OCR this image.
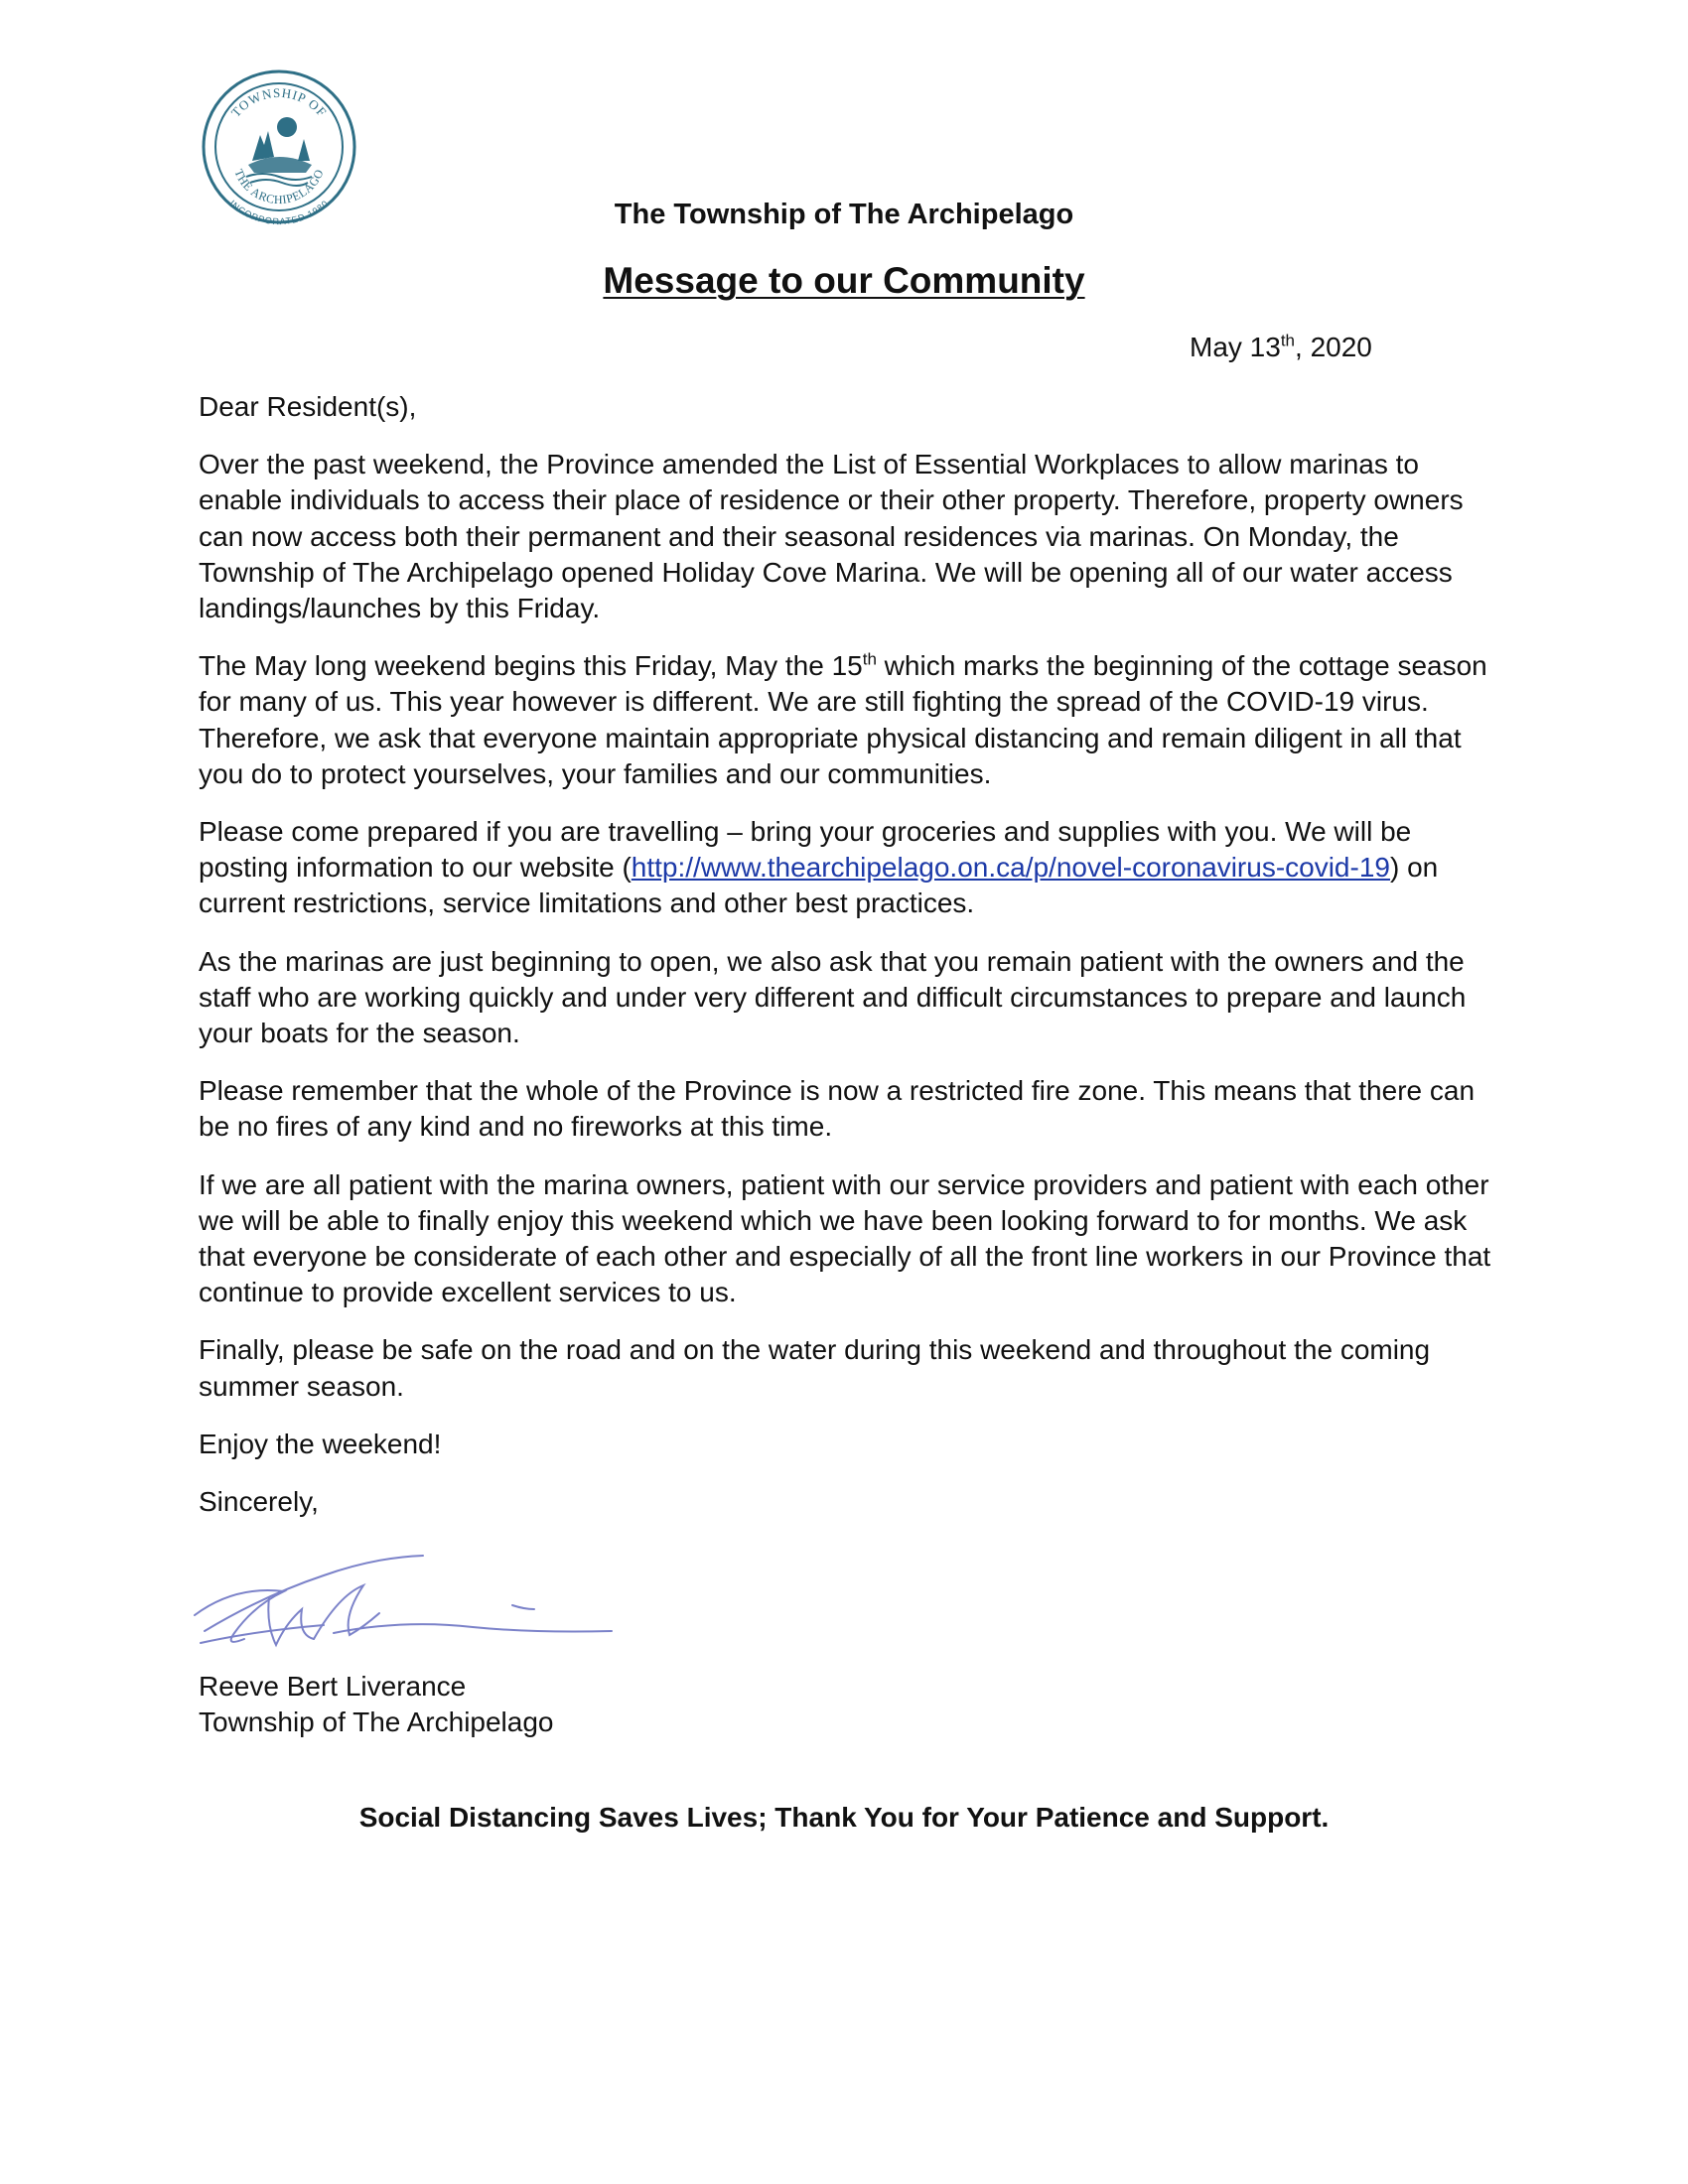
TOWNSHIP OF
THE ARCHIPELAGO
INCORPORATED 1980	The Township of The Archipelago
Message to our Community
May 13th, 2020

Dear Resident(s),

Over the past weekend, the Province amended the List of Essential Workplaces to allow marinas to enable individuals to access their place of residence or their other property. Therefore, property owners can now access both their permanent and their seasonal residences via marinas. On Monday, the Township of The Archipelago opened Holiday Cove Marina. We will be opening all of our water access landings/launches by this Friday.

The May long weekend begins this Friday, May the 15th which marks the beginning of the cottage season for many of us. This year however is different. We are still fighting the spread of the COVID-19 virus. Therefore, we ask that everyone maintain appropriate physical distancing and remain diligent in all that you do to protect yourselves, your families and our communities.

Please come prepared if you are travelling – bring your groceries and supplies with you. We will be posting information to our website (http://www.thearchipelago.on.ca/p/novel-coronavirus-covid-19) on current restrictions, service limitations and other best practices.

As the marinas are just beginning to open, we also ask that you remain patient with the owners and the staff who are working quickly and under very different and difficult circumstances to prepare and launch your boats for the season.

Please remember that the whole of the Province is now a restricted fire zone. This means that there can be no fires of any kind and no fireworks at this time.

If we are all patient with the marina owners, patient with our service providers and patient with each other we will be able to finally enjoy this weekend which we have been looking forward to for months. We ask that everyone be considerate of each other and especially of all the front line workers in our Province that continue to provide excellent services to us.

Finally, please be safe on the road and on the water during this weekend and throughout the coming summer season.

Enjoy the weekend!

Sincerely,

Reeve Bert Liverance

Township of The Archipelago

Social Distancing Saves Lives; Thank You for Your Patience and Support.
